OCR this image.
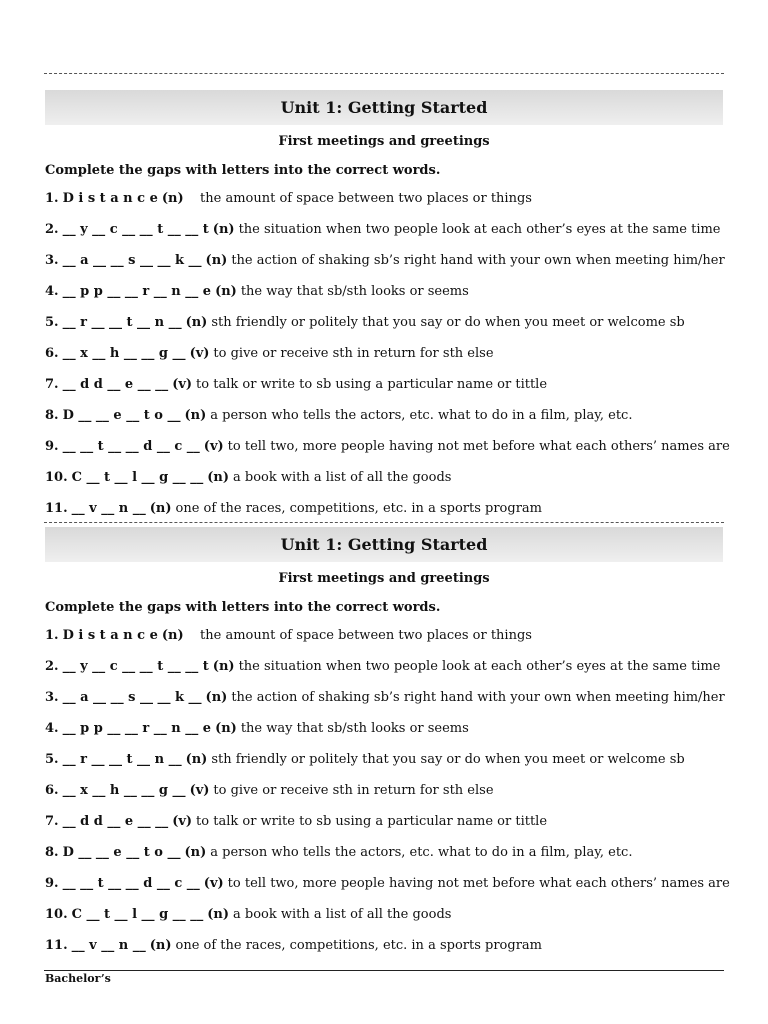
Unit 1: Getting Started
First meetings and greetings
Complete the gaps with letters into the correct words.
1. D i s t a n c e (n) the amount of space between two places or things
2. __ y __ c __ __ t __ __ t (n) the situation when two people look at each other’s eyes at the same time
3. __ a __ __ s __ __ k __ (n) the action of shaking sb’s right hand with your own when meeting him/her
4. __ p p __ __ r __ n __ e (n) the way that sb/sth looks or seems
5. __ r __ __ t __ n __ (n) sth friendly or politely that you say or do when you meet or welcome sb
6. __ x __ h __ __ g __ (v) to give or receive sth in return for sth else
7. __ d d __ e __ __ (v) to talk or write to sb using a particular name or tittle
8. D __ __ e __ t o __ (n) a person who tells the actors, etc. what to do in a film, play, etc.
9. __ __ t __ __ d __ c __ (v) to tell two, more people having not met before what each others’ names are
10. C __ t __ l __ g __ __ (n) a book with a list of all the goods
11. __ v __ n __ (n) one of the races, competitions, etc. in a sports program
Unit 1: Getting Started
First meetings and greetings
Complete the gaps with letters into the correct words.
1. D i s t a n c e (n) the amount of space between two places or things
2. __ y __ c __ __ t __ __ t (n) the situation when two people look at each other’s eyes at the same time
3. __ a __ __ s __ __ k __ (n) the action of shaking sb’s right hand with your own when meeting him/her
4. __ p p __ __ r __ n __ e (n) the way that sb/sth looks or seems
5. __ r __ __ t __ n __ (n) sth friendly or politely that you say or do when you meet or welcome sb
6. __ x __ h __ __ g __ (v) to give or receive sth in return for sth else
7. __ d d __ e __ __ (v) to talk or write to sb using a particular name or tittle
8. D __ __ e __ t o __ (n) a person who tells the actors, etc. what to do in a film, play, etc.
9. __ __ t __ __ d __ c __ (v) to tell two, more people having not met before what each others’ names are
10. C __ t __ l __ g __ __ (n) a book with a list of all the goods
11. __ v __ n __ (n) one of the races, competitions, etc. in a sports program
Bachelor’s
